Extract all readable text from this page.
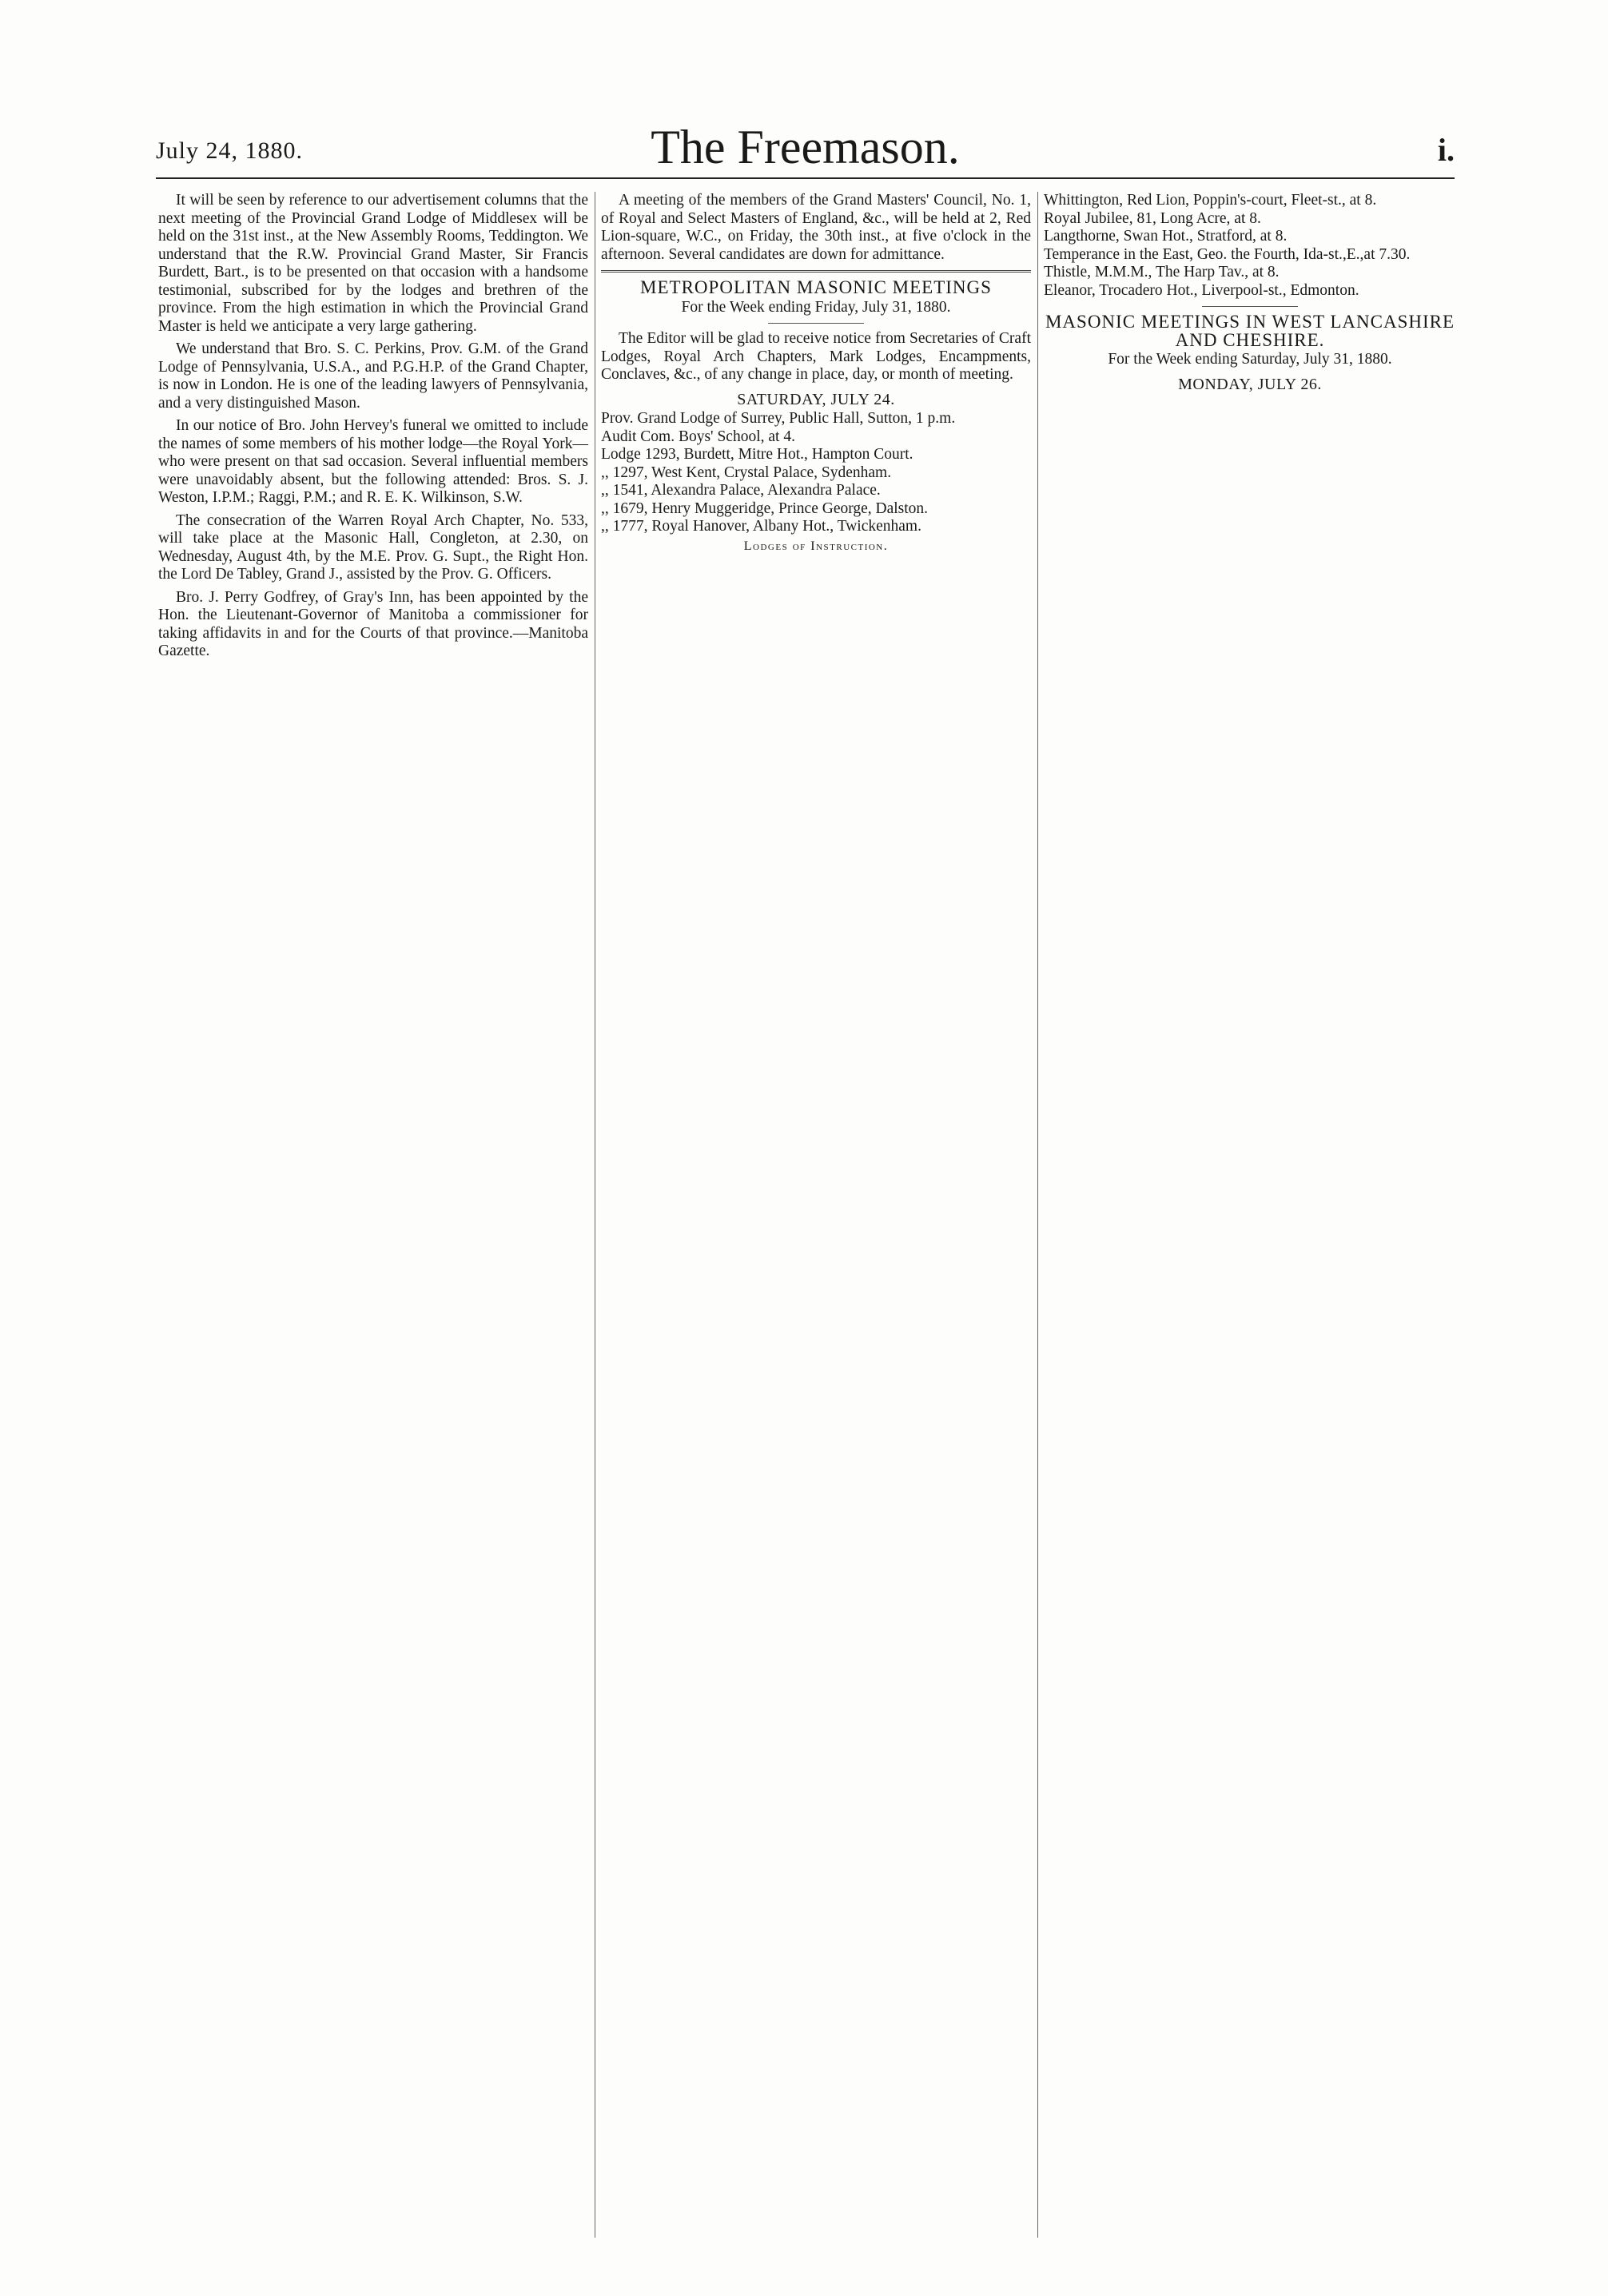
July 24, 1880.	The Freemason.	i.

It will be seen by reference to our advertisement columns that the next meeting of the Provincial Grand Lodge of Middlesex will be held on the 31st inst., at the New Assembly Rooms, Teddington. We understand that the R.W. Provincial Grand Master, Sir Francis Burdett, Bart., is to be presented on that occasion with a handsome testimonial, subscribed for by the lodges and brethren of the province. From the high estimation in which the Provincial Grand Master is held we anticipate a very large gathering.

We understand that Bro. S. C. Perkins, Prov. G.M. of the Grand Lodge of Pennsylvania, U.S.A., and P.G.H.P. of the Grand Chapter, is now in London. He is one of the leading lawyers of Pennsylvania, and a very distinguished Mason.

In our notice of Bro. John Hervey's funeral we omitted to include the names of some members of his mother lodge—the Royal York—who were present on that sad occasion. Several influential members were unavoidably absent, but the following attended: Bros. S. J. Weston, I.P.M.; Raggi, P.M.; and R. E. K. Wilkinson, S.W.

The consecration of the Warren Royal Arch Chapter, No. 533, will take place at the Masonic Hall, Congleton, at 2.30, on Wednesday, August 4th, by the M.E. Prov. G. Supt., the Right Hon. the Lord De Tabley, Grand J., assisted by the Prov. G. Officers.

Bro. J. Perry Godfrey, of Gray's Inn, has been appointed by the Hon. the Lieutenant-Governor of Manitoba a commissioner for taking affidavits in and for the Courts of that province.—Manitoba Gazette.

A meeting of the members of the Grand Masters' Council, No. 1, of Royal and Select Masters of England, &c., will be held at 2, Red Lion-square, W.C., on Friday, the 30th inst., at five o'clock in the afternoon. Several candidates are down for admittance.

METROPOLITAN MASONIC MEETINGS
For the Week ending Friday, July 31, 1880.

The Editor will be glad to receive notice from Secretaries of Craft Lodges, Royal Arch Chapters, Mark Lodges, Encampments, Conclaves, &c., of any change in place, day, or month of meeting.

SATURDAY, JULY 24.
Prov. Grand Lodge of Surrey, Public Hall, Sutton, 1 p.m.
Audit Com. Boys' School, at 4.
Lodge 1293, Burdett, Mitre Hot., Hampton Court.
,, 1297, West Kent, Crystal Palace, Sydenham.
,, 1541, Alexandra Palace, Alexandra Palace.
,, 1679, Henry Muggeridge, Prince George, Dalston.
,, 1777, Royal Hanover, Albany Hot., Twickenham.
Lodges of Instruction.
Whittington, Red Lion, Poppin's-court, Fleet-st., at 8.
Royal Jubilee, 81, Long Acre, at 8.
Langthorne, Swan Hot., Stratford, at 8.
Temperance in the East, Geo. the Fourth, Ida-st.,E.,at 7.30.
Thistle, M.M.M., The Harp Tav., at 8.
Eleanor, Trocadero Hot., Liverpool-st., Edmonton.
MASONIC MEETINGS IN WEST LANCASHIRE AND CHESHIRE.
For the Week ending Saturday, July 31, 1880.
MONDAY, JULY 26.
